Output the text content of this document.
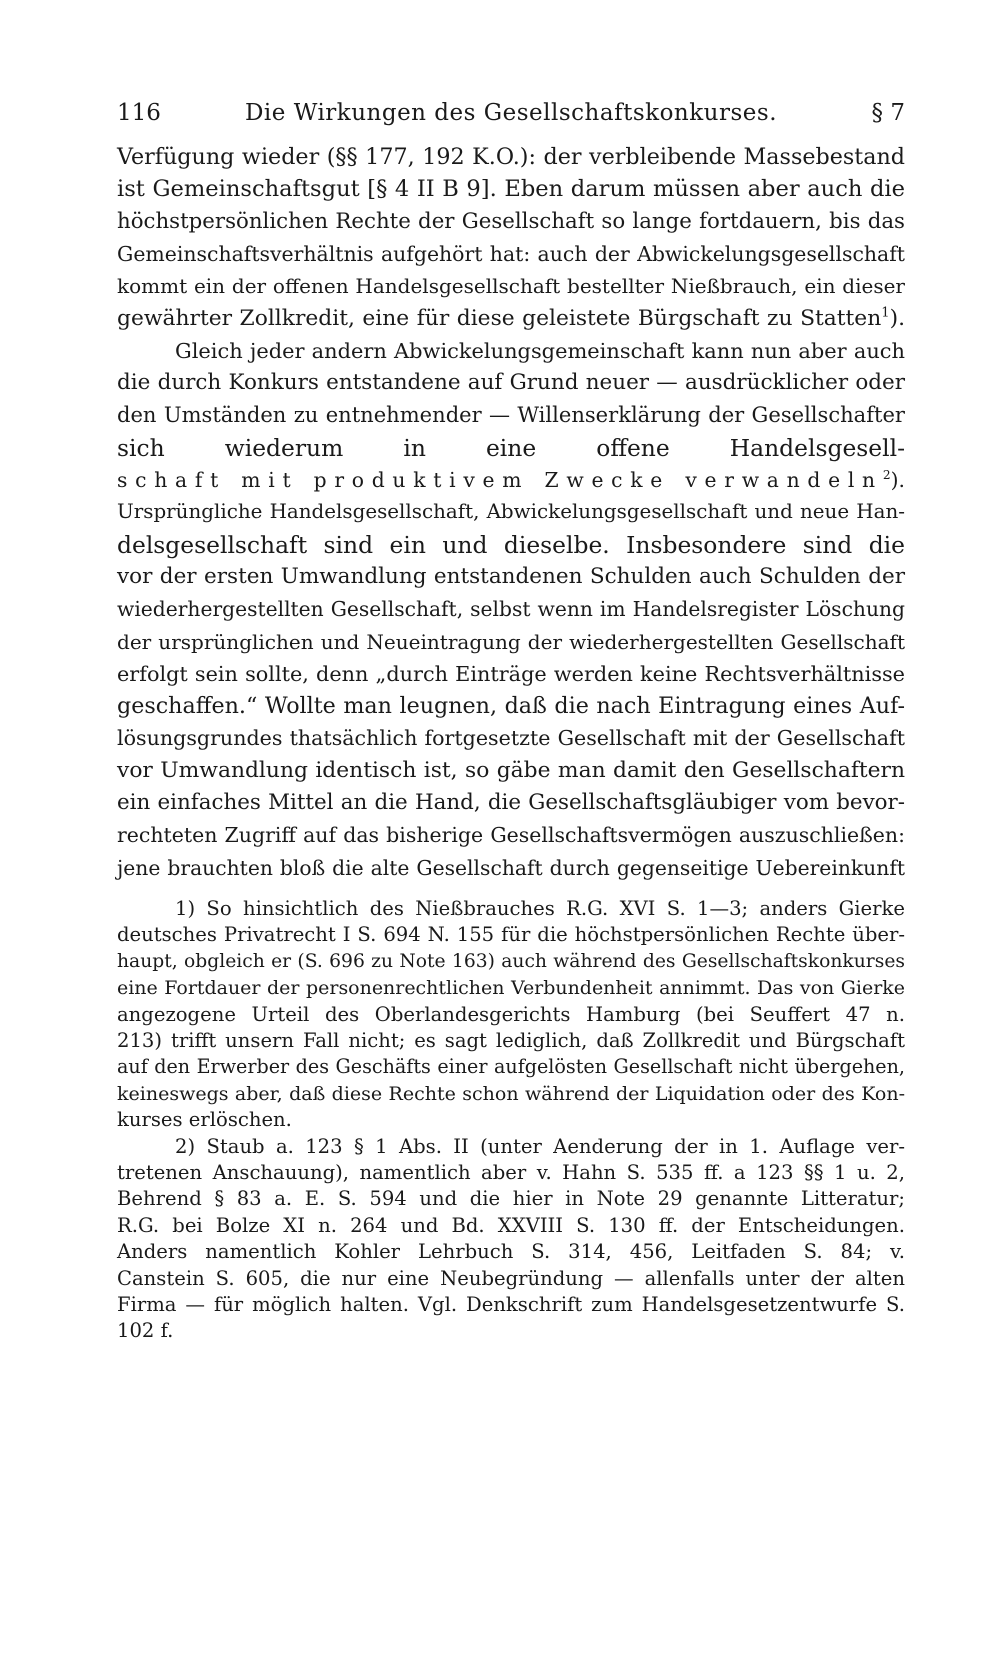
Die Wirkungen des Gesellschaftskonkurses.
116	§ 7
Verfügung wieder (§§ 177, 192 K.O.): der verbleibende Massebestand
ist Gemeinschaftsgut [§ 4 II B 9]. Eben darum müssen aber auch die
höchstpersönlichen Rechte der Gesellschaft so lange fortdauern, bis das
Gemeinschaftsverhältnis aufgehört hat: auch der Abwickelungsgesellschaft
kommt ein der offenen Handelsgesellschaft bestellter Nießbrauch, ein dieser
gewährter Zollkredit, eine für diese geleistete Bürgschaft zu Statten$^1$).
Gleich jeder andern Abwickelungsgemeinschaft kann nun aber auch
die durch Konkurs entstandene auf Grund neuer — ausdrücklicher oder
den Umständen zu entnehmender — Willenserklärung der Gesellschafter
sich wiederum in eine offene Handelsgesell-
schaft mit produktivem Zwecke verwandeln$^2$).
Ursprüngliche Handelsgesellschaft, Abwickelungsgesellschaft und neue Han-
delsgesellschaft sind ein und dieselbe. Insbesondere sind die
vor der ersten Umwandlung entstandenen Schulden auch Schulden der
wiederhergestellten Gesellschaft, selbst wenn im Handelsregister Löschung
der ursprünglichen und Neueintragung der wiederhergestellten Gesellschaft
erfolgt sein sollte, denn „durch Einträge werden keine Rechtsverhältnisse
geschaffen.“ Wollte man leugnen, daß die nach Eintragung eines Auf-
lösungsgrundes thatsächlich fortgesetzte Gesellschaft mit der Gesellschaft
vor Umwandlung identisch ist, so gäbe man damit den Gesellschaftern
ein einfaches Mittel an die Hand, die Gesellschaftsgläubiger vom bevor-
rechteten Zugriff auf das bisherige Gesellschaftsvermögen auszuschließen:
jene brauchten bloß die alte Gesellschaft durch gegenseitige Uebereinkunft
1) So hinsichtlich des Nießbrauches R.G. XVI S. 1—3; anders Gierke
deutsches Privatrecht I S. 694 N. 155 für die höchstpersönlichen Rechte über-
haupt, obgleich er (S. 696 zu Note 163) auch während des Gesellschaftskonkurses
eine Fortdauer der personenrechtlichen Verbundenheit annimmt. Das von Gierke
angezogene Urteil des Oberlandesgerichts Hamburg (bei Seuffert 47 n.
213) trifft unsern Fall nicht; es sagt lediglich, daß Zollkredit und Bürgschaft
auf den Erwerber des Geschäfts einer aufgelösten Gesellschaft nicht übergehen,
keineswegs aber, daß diese Rechte schon während der Liquidation oder des Kon-
kurses erlöschen.
2) Staub a. 123 § 1 Abs. II (unter Aenderung der in 1. Auflage ver-
tretenen Anschauung), namentlich aber v. Hahn S. 535 ff. a 123 §§ 1 u. 2,
Behrend § 83 a. E. S. 594 und die hier in Note 29 genannte Litteratur;
R.G. bei Bolze XI n. 264 und Bd. XXVIII S. 130 ff. der Entscheidungen.
Anders namentlich Kohler Lehrbuch S. 314, 456, Leitfaden S. 84; v.
Canstein S. 605, die nur eine Neubegründung — allenfalls unter der alten
Firma — für möglich halten. Vgl. Denkschrift zum Handelsgesetzentwurfe S.
102 f.
